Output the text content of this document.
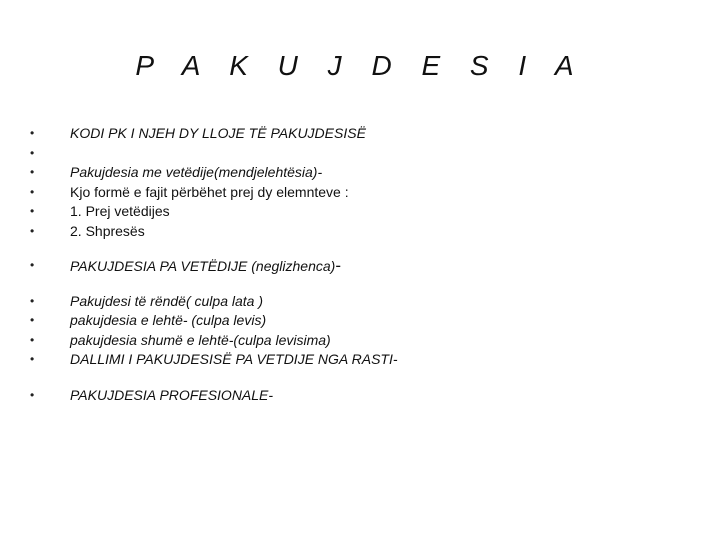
P A K U J D E S I A
•	KODI PK I NJEH DY LLOJE TË PAKUJDESISË
•
•	Pakujdesia me vetëdije(mendjelehtësia)-
•	Kjo formë e fajit përbëhet prej dy elemnteve :
•	1. Prej vetëdijes
•	2. Shpresës
•	PAKUJDESIA PA VETËDIJE (neglizhenca)-
•	Pakujdesi të rëndë( culpa lata )
•	pakujdesia e lehtë- (culpa levis)
•	pakujdesia shumë e lehtë-(culpa levisima)
•	DALLIMI I PAKUJDESISË PA VETDIJE NGA RASTI-
•	PAKUJDESIA PROFESIONALE-
